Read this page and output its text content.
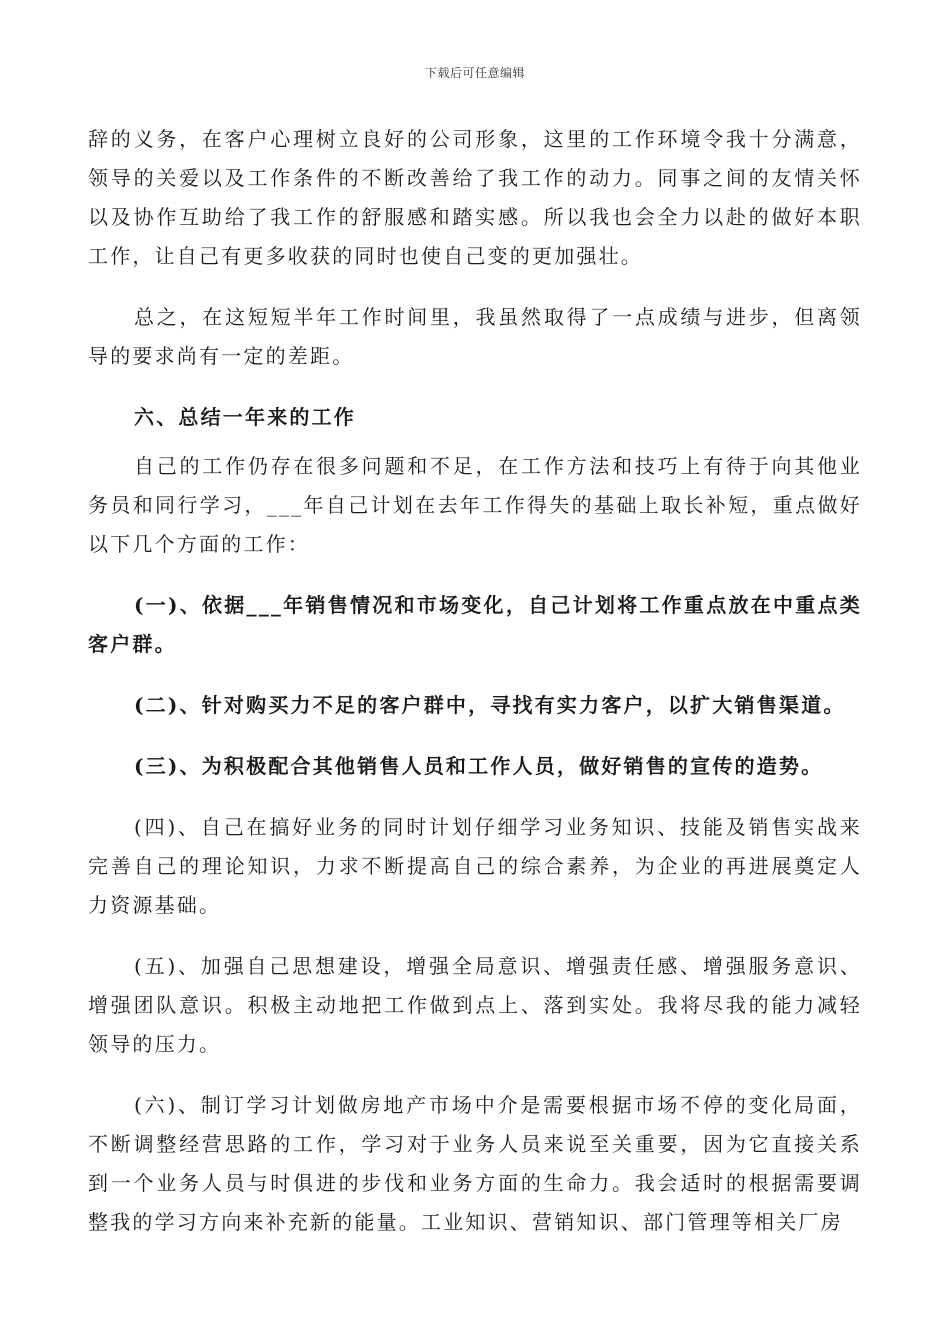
下载后可任意编辑

辞的义务，在客户心理树立良好的公司形象，这里的工作环境令我十分满意，领导的关爱以及工作条件的不断改善给了我工作的动力。同事之间的友情关怀以及协作互助给了我工作的舒服感和踏实感。所以我也会全力以赴的做好本职工作，让自己有更多收获的同时也使自己变的更加强壮。

总之，在这短短半年工作时间里，我虽然取得了一点成绩与进步，但离领导的要求尚有一定的差距。

六、总结一年来的工作

自己的工作仍存在很多问题和不足，在工作方法和技巧上有待于向其他业务员和同行学习，___年自己计划在去年工作得失的基础上取长补短，重点做好以下几个方面的工作：

(一)、依据___年销售情况和市场变化，自己计划将工作重点放在中重点类客户群。

(二)、针对购买力不足的客户群中，寻找有实力客户，以扩大销售渠道。

(三)、为积极配合其他销售人员和工作人员，做好销售的宣传的造势。

(四)、自己在搞好业务的同时计划仔细学习业务知识、技能及销售实战来完善自己的理论知识，力求不断提高自己的综合素养，为企业的再进展奠定人力资源基础。

(五)、加强自己思想建设，增强全局意识、增强责任感、增强服务意识、增强团队意识。积极主动地把工作做到点上、落到实处。我将尽我的能力减轻领导的压力。

(六)、制订学习计划做房地产市场中介是需要根据市场不停的变化局面，不断调整经营思路的工作，学习对于业务人员来说至关重要，因为它直接关系到一个业务人员与时俱进的步伐和业务方面的生命力。我会适时的根据需要调整我的学习方向来补充新的能量。工业知识、营销知识、部门管理等相关厂房
